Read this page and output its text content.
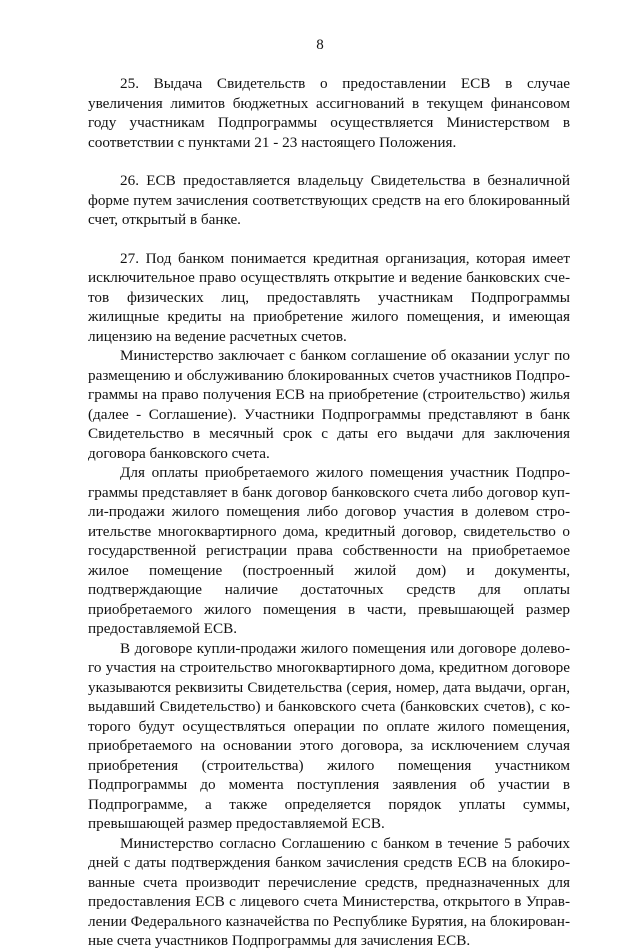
8

25. Выдача Свидетельств о предоставлении ЕСВ в случае увеличения лимитов бюджетных ассигнований в текущем финансовом году участникам Подпрограммы осуществляется Министерством в соответствии с пунктами 21 - 23 настоящего Положения.

26. ЕСВ предоставляется владельцу Свидетельства в безналичной форме путем зачисления соответствующих средств на его блокированный счет, открытый в банке.

27. Под банком понимается кредитная организация, которая имеет исключительное право осуществлять открытие и ведение банковских счетов физических лиц, предоставлять участникам Подпрограммы жилищные кредиты на приобретение жилого помещения, и имеющая лицензию на ведение расчетных счетов.

Министерство заключает с банком соглашение об оказании услуг по размещению и обслуживанию блокированных счетов участников Подпрограммы на право получения ЕСВ на приобретение (строительство) жилья (далее - Соглашение). Участники Подпрограммы представляют в банк Свидетельство в месячный срок с даты его выдачи для заключения договора банковского счета.

Для оплаты приобретаемого жилого помещения участник Подпрограммы представляет в банк договор банковского счета либо договор купли-продажи жилого помещения либо договор участия в долевом строительстве многоквартирного дома, кредитный договор, свидетельство о государственной регистрации права собственности на приобретаемое жилое помещение (построенный жилой дом) и документы, подтверждающие наличие достаточных средств для оплаты приобретаемого жилого помещения в части, превышающей размер предоставляемой ЕСВ.

В договоре купли-продажи жилого помещения или договоре долевого участия на строительство многоквартирного дома, кредитном договоре указываются реквизиты Свидетельства (серия, номер, дата выдачи, орган, выдавший Свидетельство) и банковского счета (банковских счетов), с которого будут осуществляться операции по оплате жилого помещения, приобретаемого на основании этого договора, за исключением случая приобретения (строительства) жилого помещения участником Подпрограммы до момента поступления заявления об участии в Подпрограмме, а также определяется порядок уплаты суммы, превышающей размер предоставляемой ЕСВ.

Министерство согласно Соглашению с банком в течение 5 рабочих дней с даты подтверждения банком зачисления средств ЕСВ на блокированные счета производит перечисление средств, предназначенных для предоставления ЕСВ с лицевого счета Министерства, открытого в Управлении Федерального казначейства по Республике Бурятия, на блокированные счета участников Подпрограммы для зачисления ЕСВ.
